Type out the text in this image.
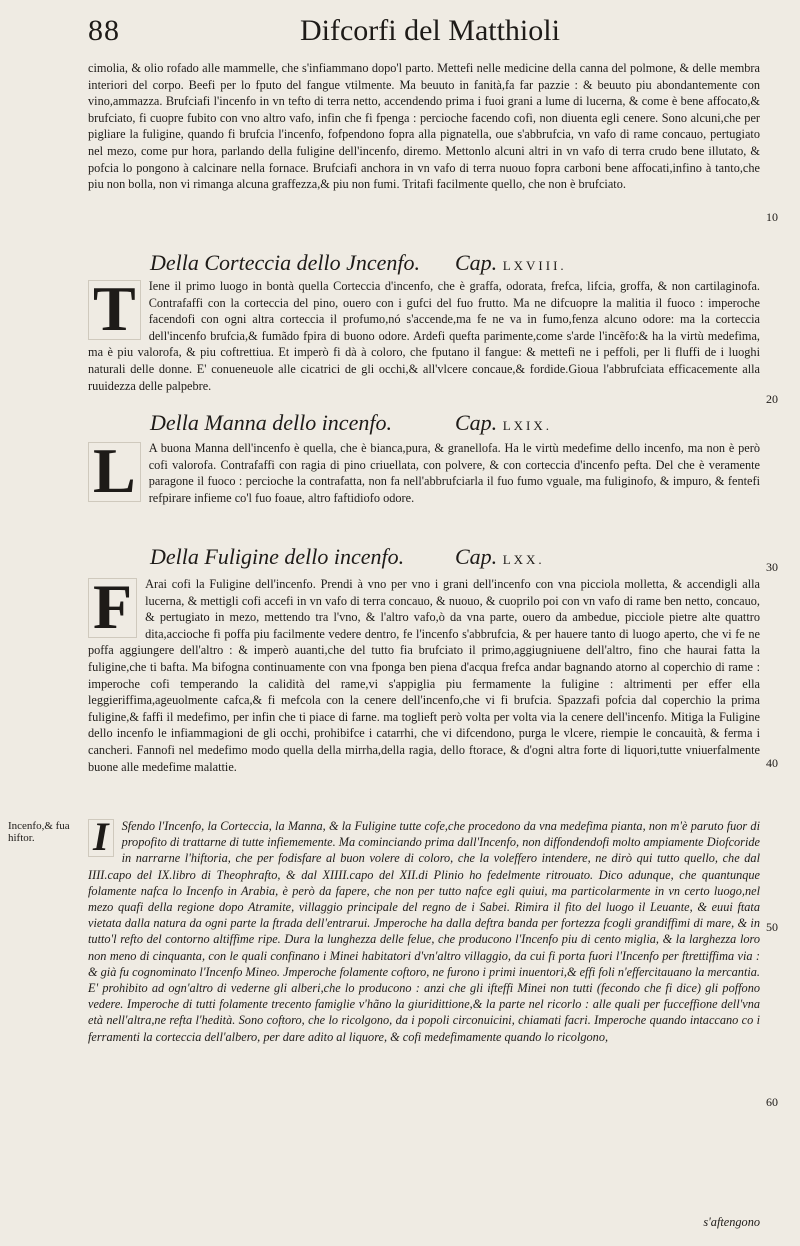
88	Difcorfi del Matthioli

cimolia, & olio rofado alle mammelle, che s'infiammano dopo'l parto. Mettefi nelle medicine della canna del polmone, & delle membra interiori del corpo. Beefi per lo fputo del fangue vtilmente. Ma beuuto in fanità,fa far pazzie : & beuuto piu abondantemente con vino,ammazza. Brufciafi l'incenfo in vn tefto di terra netto, accendendo prima i fuoi grani a lume di lucerna, & come è bene affocato,& brufciato, fi cuopre fubito con vno altro vafo, infin che fi fpenga : percioche facendo cofi, non diuenta egli cenere. Sono alcuni,che per pigliare la fuligine, quando fi brufcia l'incenfo, fofpendono fopra alla pignatella, oue s'abbrufcia, vn vafo di rame concauo, pertugiato nel mezo, come pur hora, parlando della fuligine dell'incenfo, diremo. Mettonlo alcuni altri in vn vafo di terra crudo bene illutato, & pofcia lo pongono à calcinare nella fornace. Brufciafi anchora in vn vafo di terra nuouo fopra carboni bene affocati,infino à tanto,che piu non bolla, non vi rimanga alcuna graffezza,& piu non fumi. Tritafi facilmente quello, che non è brufciato.

Della Corteccia dello Jncenfo. Cap. LXVIII.
T	Iene il primo luogo in bontà quella Corteccia d'incenfo, che è graffa, odorata, frefca, lifcia, groffa, & non cartilaginofa. Contrafaffi con la corteccia del pino, ouero con i gufci del fuo frutto. Ma ne difcuopre la malitia il fuoco : imperoche facendofi con ogni altra corteccia il profumo,nó s'accende,ma fe ne va in fumo,fenza alcuno odore: ma la corteccia dell'incenfo brufcia,& fumãdo fpira di buono odore. Ardefi quefta parimente,come s'arde l'incẽfo:& ha la virtù medefima, ma è piu valorofa, & piu coftrettiua. Et imperò fi dà à coloro, che fputano il fangue: & mettefi ne i peffoli, per li fluffi de i luoghi naturali delle donne. E' conueneuole alle cicatrici de gli occhi,& all'vlcere concaue,& fordide.Gioua l'abbrufciata efficacemente alla ruuidezza delle palpebre.

Della Manna dello incenfo.	Cap. LXIX.
L	A buona Manna dell'incenfo è quella, che è bianca,pura, & granellofa. Ha le virtù medefime dello incenfo, ma non è però cofi valorofa. Contrafaffi con ragia di pino criuellata, con polvere, & con corteccia d'incenfo pefta. Del che è veramente paragone il fuoco : percioche la contrafatta, non fa nell'abbrufciarla il fuo fumo vguale, ma fuliginofo, & impuro, & fentefi refpirare infieme co'l fuo foaue, altro faftidiofo odore.

Della Fuligine dello incenfo. Cap. LXX.
F	Arai cofi la Fuligine dell'incenfo. Prendi à vno per vno i grani dell'incenfo con vna picciola molletta, & accendigli alla lucerna, & mettigli cofi accefi in vn vafo di terra concauo, & nuouo, & cuoprilo poi con vn vafo di rame ben netto, concauo, & pertugiato in mezo, mettendo tra l'vno, & l'altro vafo,ò da vna parte, ouero da ambedue, picciole pietre alte quattro dita,accioche fi poffa piu facilmente vedere dentro, fe l'incenfo s'abbrufcia, & per hauere tanto di luogo aperto, che vi fe ne poffa aggiungere dell'altro : & imperò auanti,che del tutto fia brufciato il primo,aggiugniuene dell'altro, fino che haurai fatta la fuligine,che ti bafta. Ma bifogna continuamente con vna fponga ben piena d'acqua frefca andar bagnando atorno al coperchio di rame : imperoche cofi temperando la calidità del rame,vi s'appiglia piu fermamente la fuligine : altrimenti per effer ella leggieriffima,ageuolmente cafca,& fi mefcola con la cenere dell'incenfo,che vi fi brufcia. Spazzafi pofcia dal coperchio la prima fuligine,& faffi il medefimo, per infin che ti piace di farne. ma toglieft però volta per volta via la cenere dell'incenfo. Mitiga la Fuligine dello incenfo le infiammagioni de gli occhi, prohibifce i catarrhi, che vi difcendono, purga le vlcere, riempie le concauità, & ferma i cancheri. Fannofi nel medefimo modo quella della mirrha,della ragia, dello ftorace, & d'ogni altra forte di liquori,tutte vniuerfalmente buone alle medefime malattie.

Incenfo,& fua hiftor.	I	Sfendo l'Incenfo, la Corteccia, la Manna, & la Fuligine tutte cofe,che procedono da vna medefima pianta, non m'è paruto fuor di propofito di trattarne di tutte infiememente. Ma cominciando prima dall'Incenfo, non diffondendofi molto ampiamente Diofcoride in narrarne l'hiftoria, che per fodisfare al buon volere di coloro, che la voleffero intendere, ne dirò qui tutto quello, che dal IIII.capo del IX.libro di Theophrafto, & dal XIIII.capo del XII.di Plinio ho fedelmente ritrouato. Dico adunque, che quantunque folamente nafca lo Incenfo in Arabia, è però da fapere, che non per tutto nafce egli quiui, ma particolarmente in vn certo luogo,nel mezo quafi della regione dopo Atramite, villaggio principale del regno de i Sabei. Rimira il fito del luogo il Leuante, & euui ftata vietata dalla natura da ogni parte la ftrada dell'entrarui. Jmperoche ha dalla deftra banda per fortezza fcogli grandiffimi di mare, & in tutto'l refto del contorno altiffime ripe. Dura la lunghezza delle felue, che producono l'Incenfo piu di cento miglia, & la larghezza loro non meno di cinquanta, con le quali confinano i Minei habitatori d'vn'altro villaggio, da cui fi porta fuori l'Incenfo per ftrettiffima via : & già fu cognominato l'Incenfo Mineo. Jmperoche folamente coftoro, ne furono i primi inuentori,& effi foli n'effercitauano la mercantia. E' prohibito ad ogn'altro di vederne gli alberi,che lo producono : anzi che gli ifteffi Minei non tutti (fecondo che fi dice) gli poffono vedere. Imperoche di tutti folamente trecento famiglie v'hãno la giuridittione,& la parte nel ricorlo : alle quali per fucceffione dell'vna età nell'altra,ne refta l'hedità. Sono coftoro, che lo ricolgono, da i popoli circonuicini, chiamati facri. Imperoche quando intaccano co i ferramenti la corteccia dell'albero, per dare adito al liquore, & cofi medefimamente quando lo ricolgono,

s'aftengono
10
20
30
40
50
60
